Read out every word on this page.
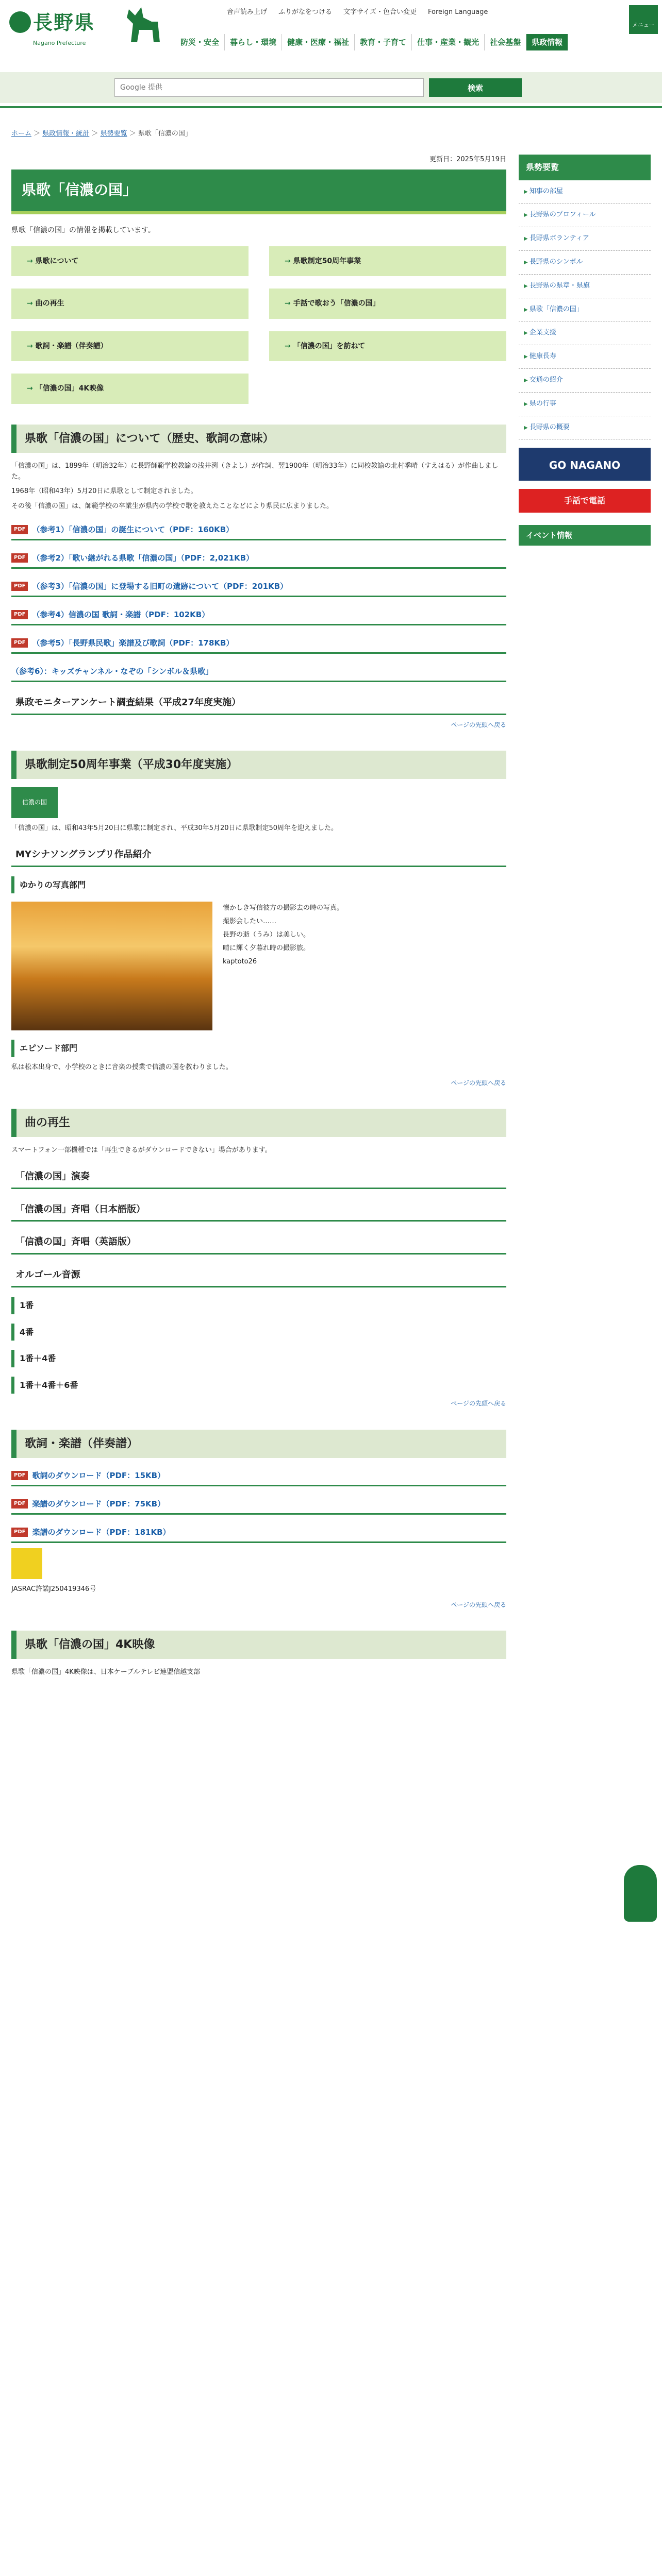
長野県
Nagano Prefecture
音声読み上げ ふりがなをつける 文字サイズ・色合い変更 Foreign Language
メニュー
防災・安全	暮らし・環境	健康・医療・福祉	教育・子育て	仕事・産業・観光	社会基盤	県政情報
Google 提供
検索
ホーム ＞ 県政情報・統計 ＞ 県勢要覧 ＞ 県歌「信濃の国」
更新日：2025年5月19日
県歌「信濃の国」
県歌「信濃の国」の情報を掲載しています。
→ 県歌について	→ 県歌制定50周年事業
→ 曲の再生	→ 手話で歌おう「信濃の国」
→ 歌詞・楽譜（伴奏譜）	→ 「信濃の国」を訪ねて
→ 「信濃の国」4K映像
県歌「信濃の国」について（歴史、歌詞の意味）

「信濃の国」は、1899年（明治32年）に長野師範学校教諭の浅井洌（きよし）が作詞、翌1900年（明治33年）に同校教諭の北村季晴（すえはる）が作曲しました。

1968年（昭和43年）5月20日に県歌として制定されました。

その後「信濃の国」は、師範学校の卒業生が県内の学校で歌を教えたことなどにより県民に広まりました。

PDF （参考1）「信濃の国」の誕生について（PDF：160KB）
PDF （参考2）「歌い継がれる県歌「信濃の国」（PDF：2,021KB）
PDF （参考3）「信濃の国」に登場する旧町の遺跡について（PDF：201KB）
PDF （参考4）信濃の国 歌詞・楽譜（PDF：102KB）
PDF （参考5）「長野県民歌」楽譜及び歌詞（PDF：178KB）
（参考6）：キッズチャンネル・なぞの「シンボル＆県歌」
県政モニターアンケート調査結果（平成27年度実施）
ページの先頭へ戻る
県歌制定50周年事業（平成30年度実施）
信濃の国

「信濃の国」は、昭和43年5月20日に県歌に制定され、平成30年5月20日に県歌制定50周年を迎えました。

MYシナソングランプリ作品紹介
ゆかりの写真部門
懐かしき写信彼方の撮影去の時の写真。
撮影会したい……
長野の逝（うみ）は美しい。
晴に輝く夕暮れ時の撮影旅。
kaptoto26
エピソード部門

私は松本出身で、小学校のときに音楽の授業で信濃の国を教わりました。

ページの先頭へ戻る
曲の再生

スマートフォン一部機種では「再生できるがダウンロードできない」場合があります。

「信濃の国」演奏
「信濃の国」斉唱（日本語版）
「信濃の国」斉唱（英語版）
オルゴール音源
1番
4番
1番＋4番
1番＋4番＋6番
ページの先頭へ戻る
歌詞・楽譜（伴奏譜）
PDF 歌詞のダウンロード（PDF：15KB）
PDF 楽譜のダウンロード（PDF：75KB）
PDF 楽譜のダウンロード（PDF：181KB）

JASRAC許諾J250419346号

ページの先頭へ戻る
県歌「信濃の国」4K映像

県歌「信濃の国」4K映像は、日本ケーブルテレビ連盟信越支部

県勢要覧
▶ 知事の部屋
▶ 長野県のプロフィール
▶ 長野県ボランティア
▶ 長野県のシンボル
▶ 長野県の県章・県旗
▶ 県歌「信濃の国」
▶ 企業支援
▶ 健康長寿
▶ 交通の紹介
▶ 県の行事
▶ 長野県の概要
GO NAGANO
手話で電話
イベント情報
